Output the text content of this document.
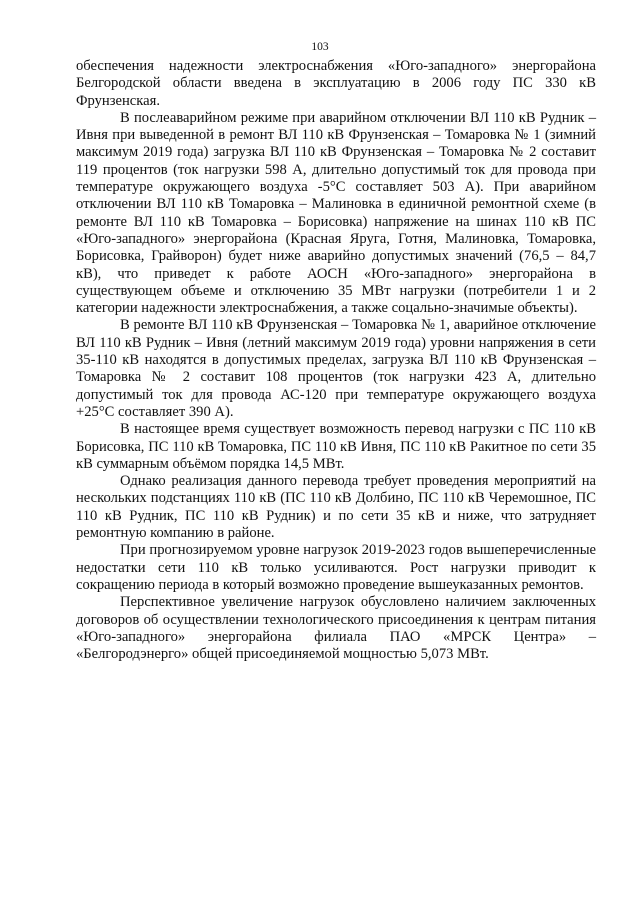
103

обеспечения надежности электроснабжения «Юго-западного» энергорайона Белгородской области введена в эксплуатацию в 2006 году ПС 330 кВ Фрунзенская.

В послеаварийном режиме при аварийном отключении ВЛ 110 кВ Рудник – Ивня при выведенной в ремонт ВЛ 110 кВ Фрунзенская – Томаровка № 1 (зимний максимум 2019 года) загрузка ВЛ 110 кВ Фрунзенская – Томаровка № 2 составит 119 процентов (ток нагрузки 598 А, длительно допустимый ток для провода при температуре окружающего воздуха -5°С составляет 503 А). При аварийном отключении ВЛ 110 кВ Томаровка – Малиновка в единичной ремонтной схеме (в ремонте ВЛ 110 кВ Томаровка – Борисовка) напряжение на шинах 110 кВ ПС «Юго-западного» энергорайона (Красная Яруга, Готня, Малиновка, Томаровка, Борисовка, Грайворон) будет ниже аварийно допустимых значений (76,5 – 84,7 кВ), что приведет к работе АОСН «Юго-западного» энергорайона в существующем объеме и отключению 35 МВт нагрузки (потребители 1 и 2 категории надежности электроснабжения, а также соцально-значимые объекты).

В ремонте ВЛ 110 кВ Фрунзенская – Томаровка № 1, аварийное отключение ВЛ 110 кВ Рудник – Ивня (летний максимум 2019 года) уровни напряжения в сети 35-110 кВ находятся в допустимых пределах, загрузка ВЛ 110 кВ Фрунзенская – Томаровка № 2 составит 108 процентов (ток нагрузки 423 А, длительно допустимый ток для провода АС-120 при температуре окружающего воздуха +25°С составляет 390 А).

В настоящее время существует возможность перевод нагрузки с ПС 110 кВ Борисовка, ПС 110 кВ Томаровка, ПС 110 кВ Ивня, ПС 110 кВ Ракитное по сети 35 кВ суммарным объёмом порядка 14,5 МВт.

Однако реализация данного перевода требует проведения мероприятий на нескольких подстанциях 110 кВ (ПС 110 кВ Долбино, ПС 110 кВ Черемошное, ПС 110 кВ Рудник, ПС 110 кВ Рудник) и по сети 35 кВ и ниже, что затрудняет ремонтную компанию в районе.

При прогнозируемом уровне нагрузок 2019-2023 годов вышеперечисленные недостатки сети 110 кВ только усиливаются. Рост нагрузки приводит к сокращению периода в который возможно проведение вышеуказанных ремонтов.

Перспективное увеличение нагрузок обусловлено наличием заключенных договоров об осуществлении технологического присоединения к центрам питания «Юго-западного» энергорайона филиала ПАО «МРСК Центра» – «Белгородэнерго» общей присоединяемой мощностью 5,073 МВт.
